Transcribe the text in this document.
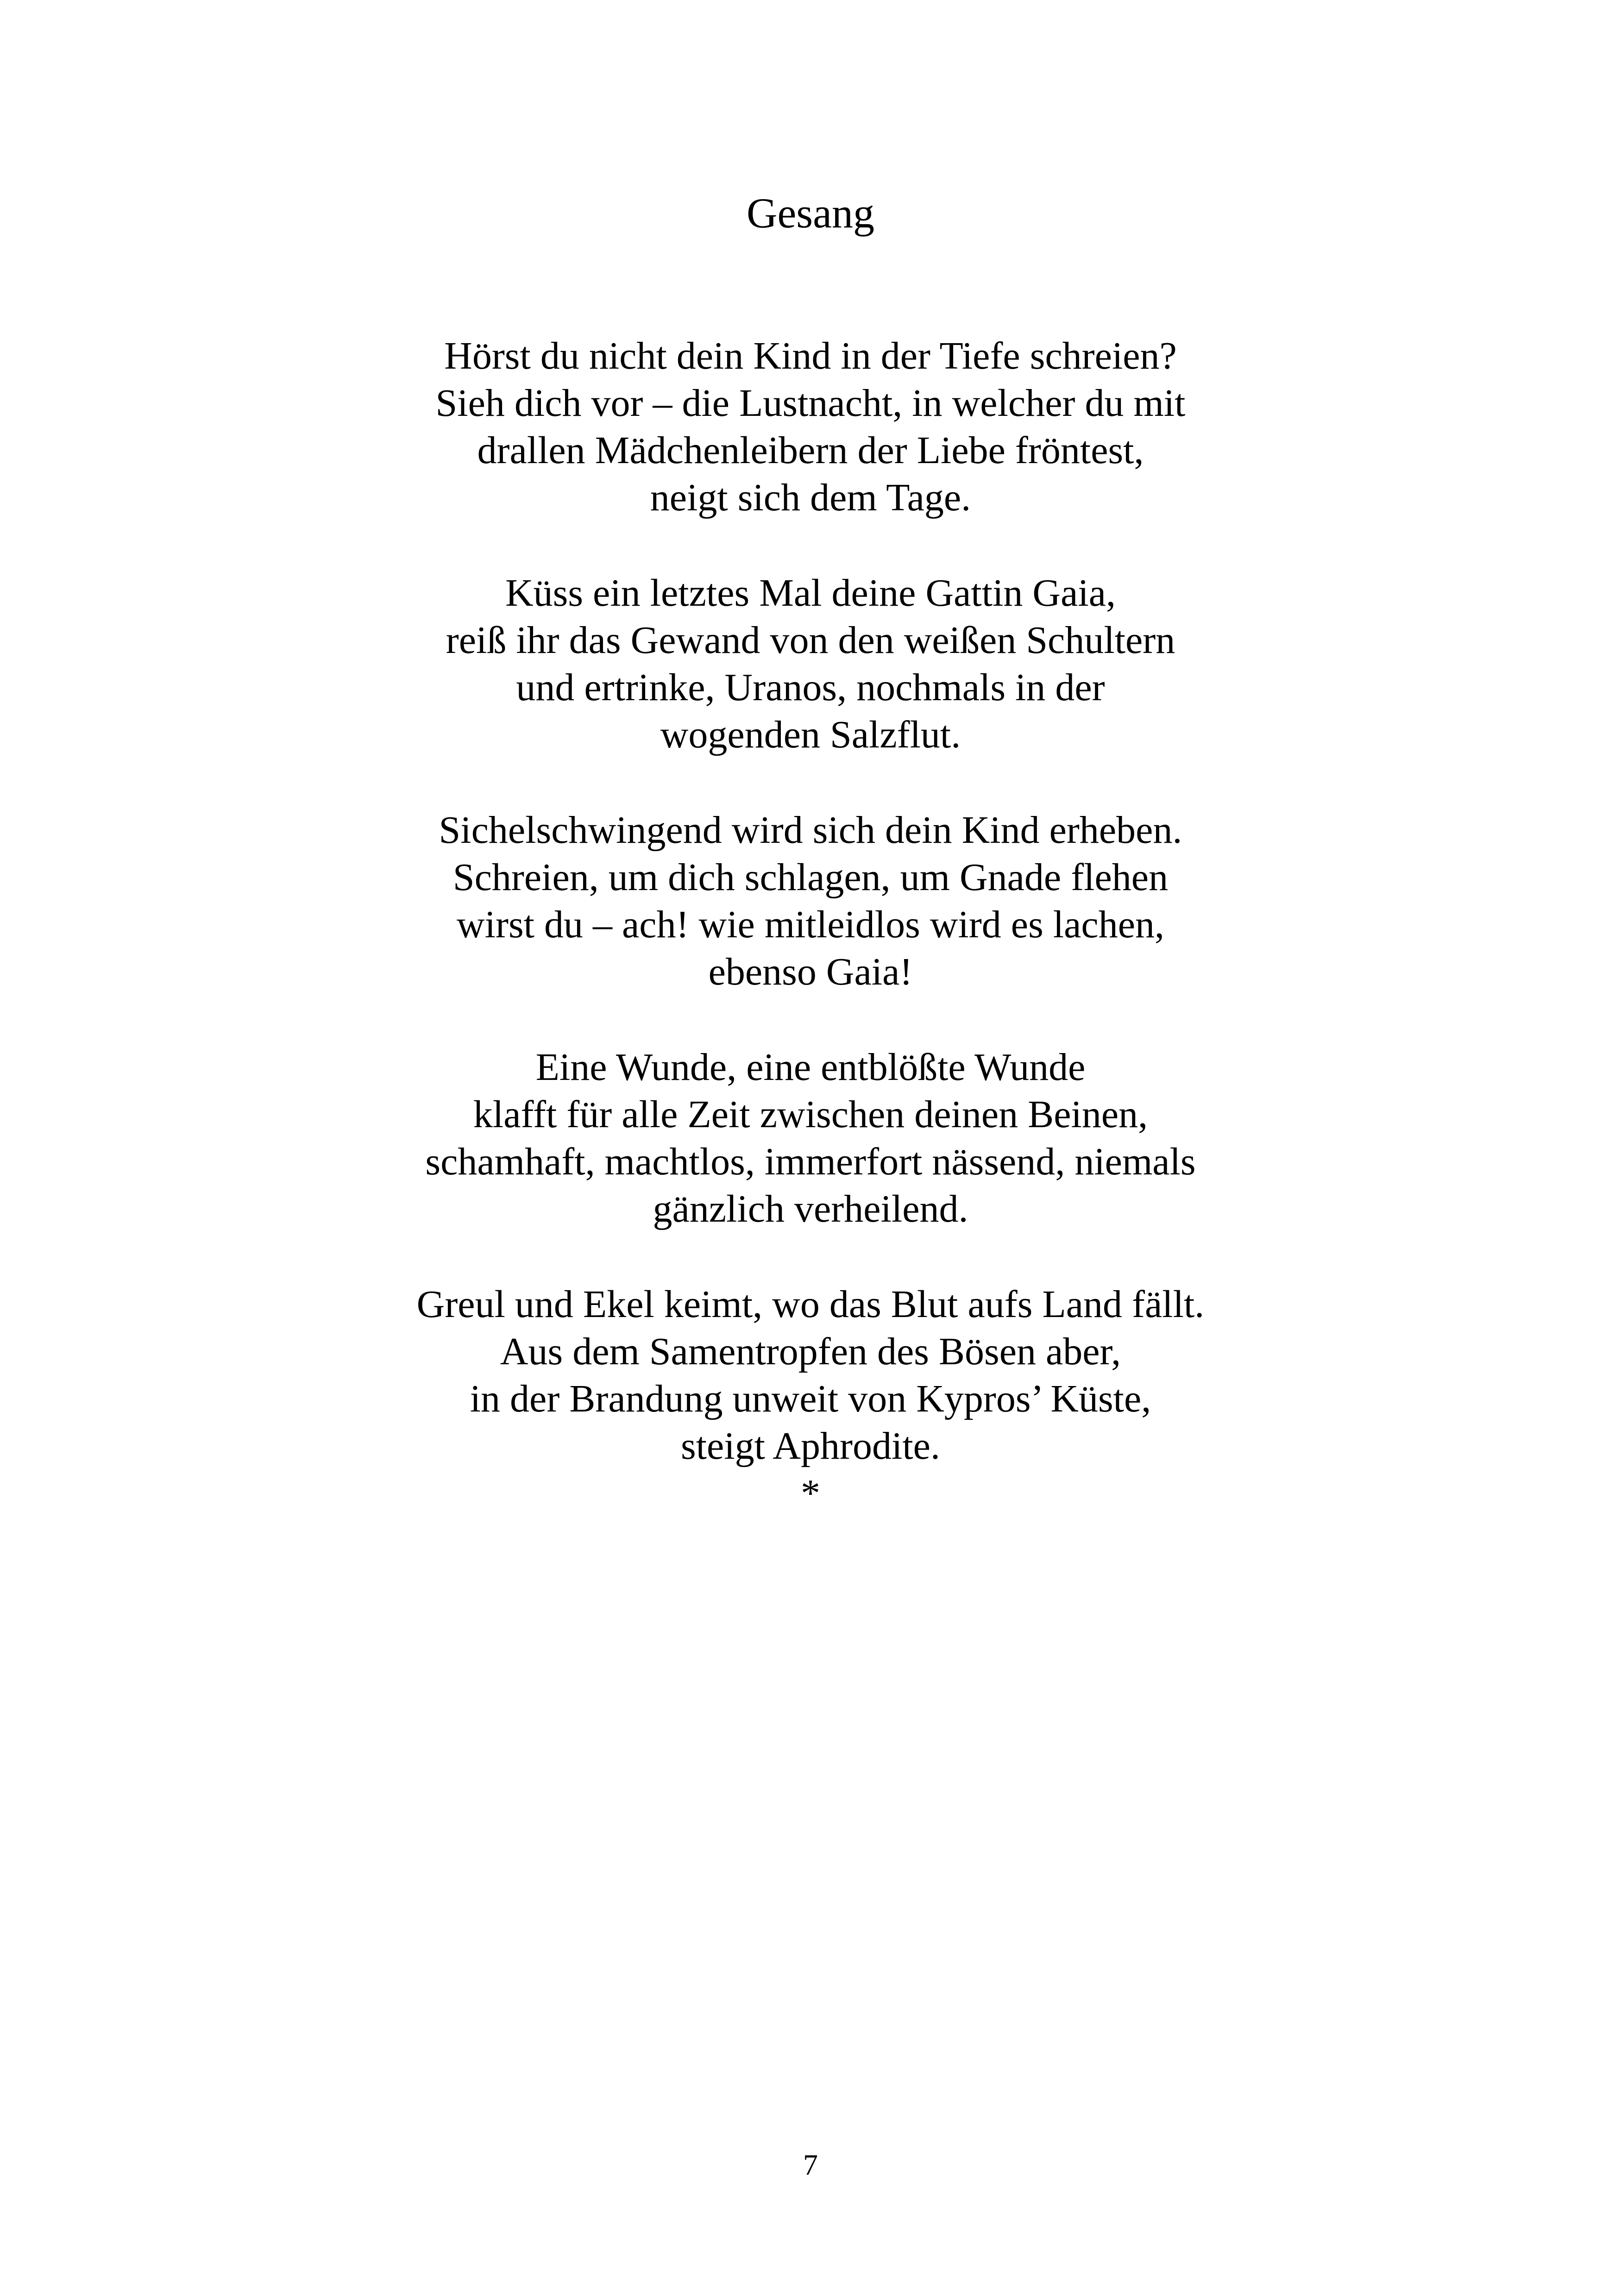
Gesang
Hörst du nicht dein Kind in der Tiefe schreien?
Sieh dich vor – die Lustnacht, in welcher du mit
drallen Mädchenleibern der Liebe fröntest,
neigt sich dem Tage.
Küss ein letztes Mal deine Gattin Gaia,
reiß ihr das Gewand von den weißen Schultern
und ertrinke, Uranos, nochmals in der
wogenden Salzflut.
Sichelschwingend wird sich dein Kind erheben.
Schreien, um dich schlagen, um Gnade flehen
wirst du – ach! wie mitleidlos wird es lachen,
ebenso Gaia!
Eine Wunde, eine entblößte Wunde
klafft für alle Zeit zwischen deinen Beinen,
schamhaft, machtlos, immerfort nässend, niemals
gänzlich verheilend.
Greul und Ekel keimt, wo das Blut aufs Land fällt.
Aus dem Samentropfen des Bösen aber,
in der Brandung unweit von Kypros’ Küste,
steigt Aphrodite.
*
7
